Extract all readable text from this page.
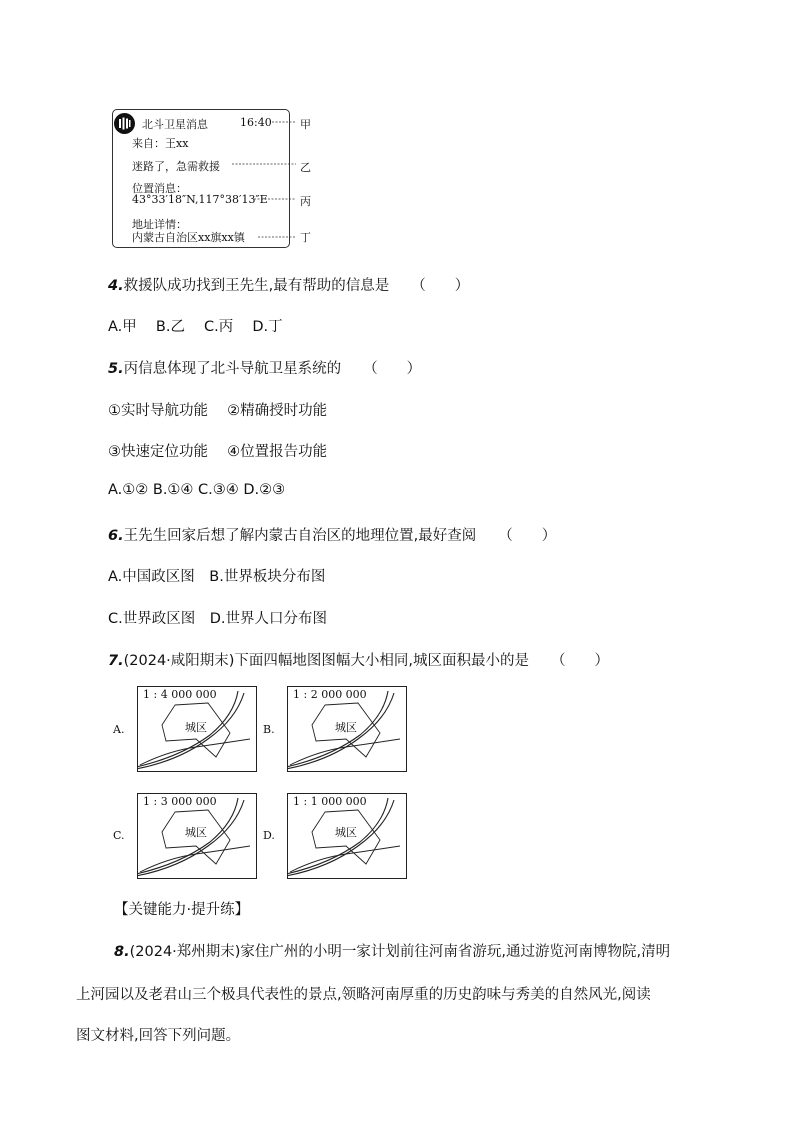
北斗卫星消息	16:40
来自：王xx
迷路了，急需救援
位置消息：
43°33′18″N,117°38′13″E
地址详情：
内蒙古自治区xx旗xx镇
甲
乙
丙
丁
4.救援队成功找到王先生,最有帮助的信息是 （　　）
A.甲　 B.乙　 C.丙　 D.丁
5.丙信息体现了北斗导航卫星系统的 （　　）
①实时导航功能　 ②精确授时功能
③快速定位功能　 ④位置报告功能
A.①② B.①④ C.③④ D.②③
6.王先生回家后想了解内蒙古自治区的地理位置,最好查阅 （　　）
A.中国政区图　B.世界板块分布图
C.世界政区图　D.世界人口分布图
7.(2024·咸阳期末)下面四幅地图图幅大小相同,城区面积最小的是 （　　）
A.
1 : 4 000 000
城区	B.
1 : 2 000 000
城区
C.
1 : 3 000 000
城区	D.
1 : 1 000 000
城区
【关键能力·提升练】
8.(2024·郑州期末)家住广州的小明一家计划前往河南省游玩,通过游览河南博物院,清明
上河园以及老君山三个极具代表性的景点,领略河南厚重的历史韵味与秀美的自然风光,阅读
图文材料,回答下列问题。
